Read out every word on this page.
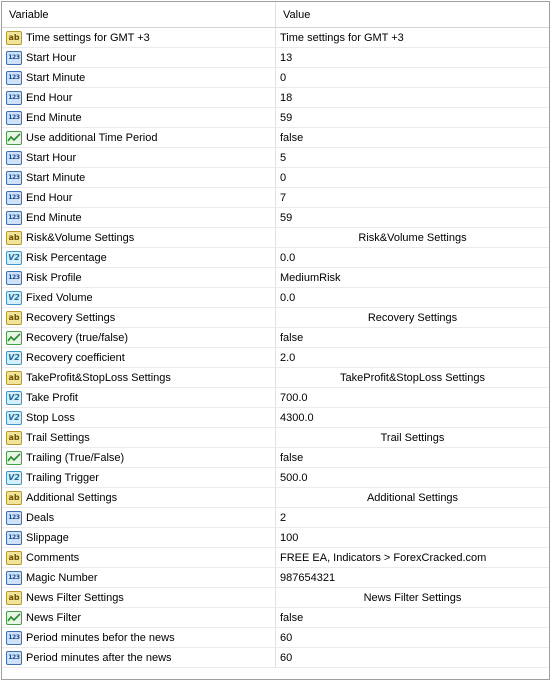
Variable	Value
ab Time settings for GMT +3	Time settings for GMT +3
123 Start Hour	13
123 Start Minute	0
123 End Hour	18
123 End Minute	59
Use additional Time Period	false
123 Start Hour	5
123 Start Minute	0
123 End Hour	7
123 End Minute	59
ab Risk&Volume Settings	Risk&Volume Settings
V2 Risk Percentage	0.0
123 Risk Profile	MediumRisk
V2 Fixed Volume	0.0
ab Recovery Settings	Recovery Settings
Recovery (true/false)	false
V2 Recovery coefficient	2.0
ab TakeProfit&StopLoss Settings	TakeProfit&StopLoss Settings
V2 Take Profit	700.0
V2 Stop Loss	4300.0
ab Trail Settings	Trail Settings
Trailing (True/False)	false
V2 Trailing Trigger	500.0
ab Additional Settings	Additional Settings
123 Deals	2
123 Slippage	100
ab Comments	FREE EA, Indicators > ForexCracked.com
123 Magic Number	987654321
ab News Filter Settings	News Filter Settings
News Filter	false
123 Period minutes befor the news	60
123 Period minutes after the news	60
